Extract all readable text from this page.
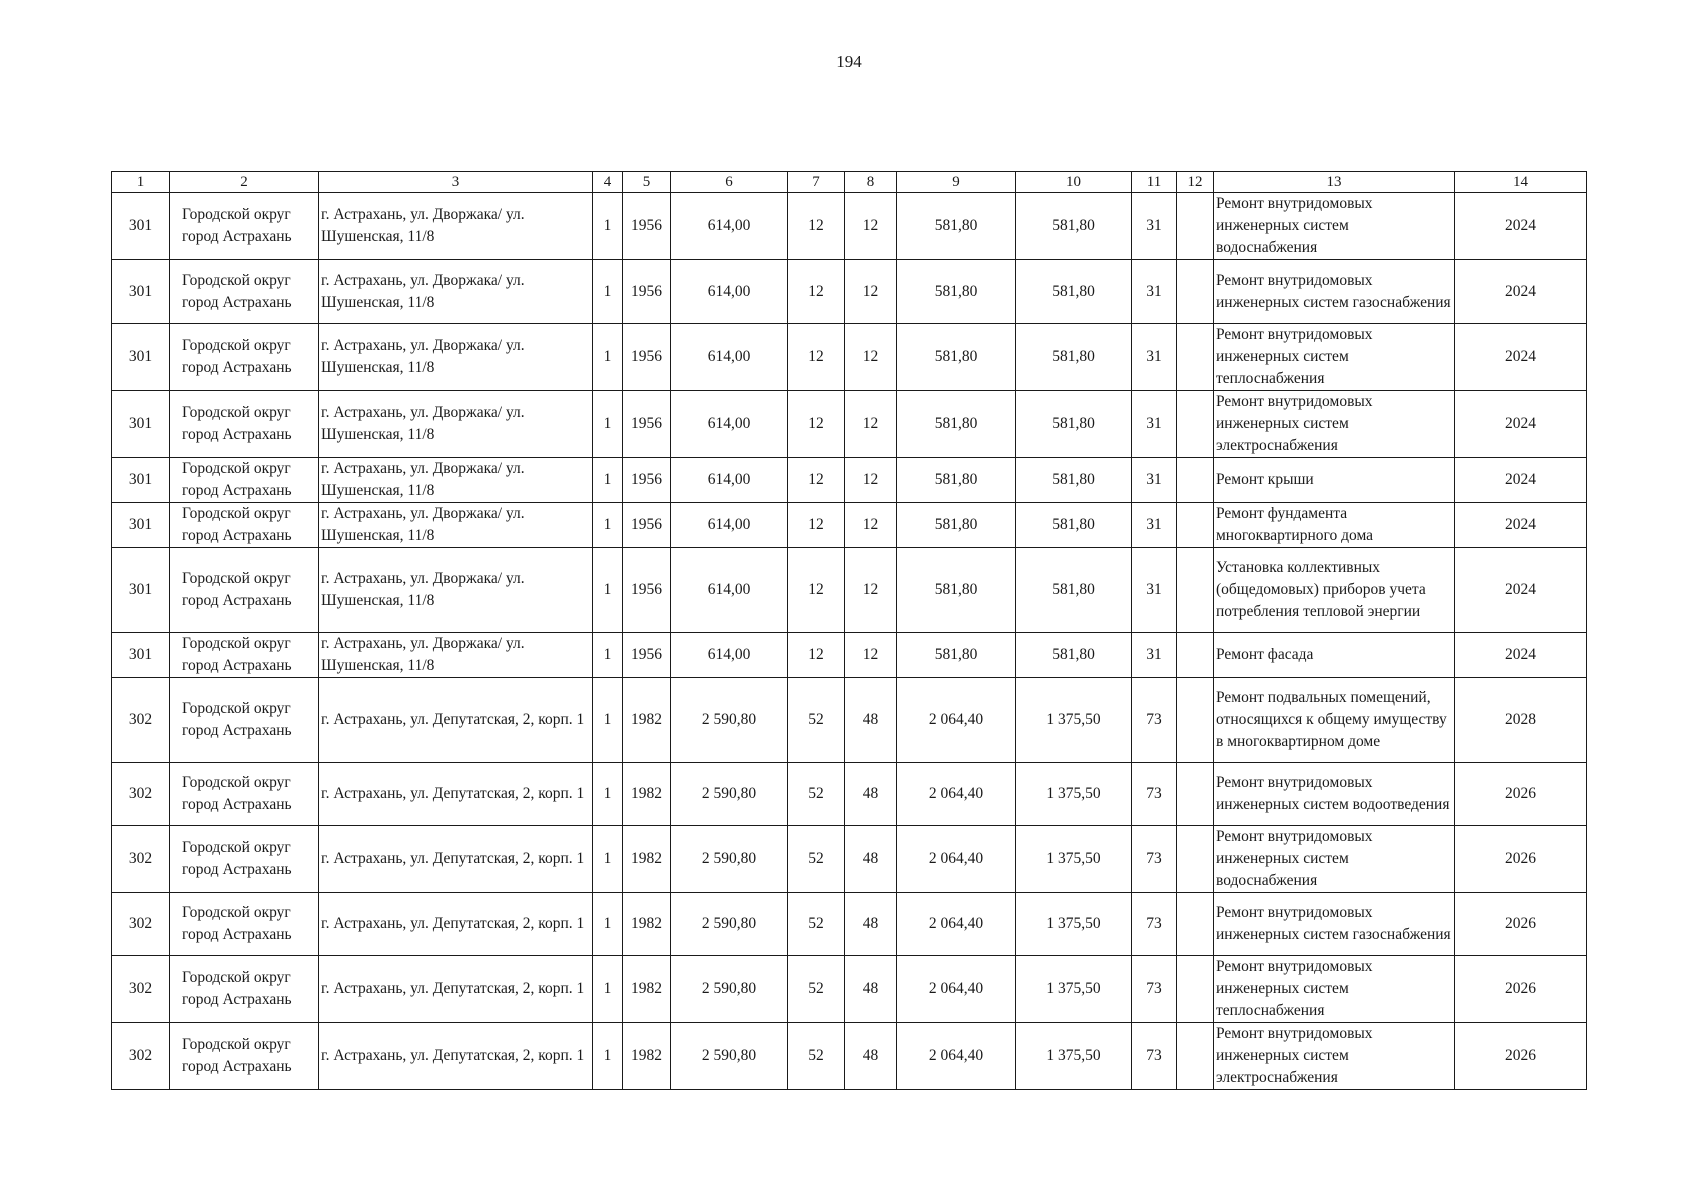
194
1	2	3	4	5	6	7	8	9	10	11	12	13	14
301	Городской округ город Астрахань	г. Астрахань, ул. Дворжака/ ул. Шушенская, 11/8	1	1956	614,00	12	12	581,80	581,80	31		Ремонт внутридомовых инженерных систем водоснабжения	2024
301	Городской округ город Астрахань	г. Астрахань, ул. Дворжака/ ул. Шушенская, 11/8	1	1956	614,00	12	12	581,80	581,80	31		Ремонт внутридомовых инженерных систем газоснабжения	2024
301	Городской округ город Астрахань	г. Астрахань, ул. Дворжака/ ул. Шушенская, 11/8	1	1956	614,00	12	12	581,80	581,80	31		Ремонт внутридомовых инженерных систем теплоснабжения	2024
301	Городской округ город Астрахань	г. Астрахань, ул. Дворжака/ ул. Шушенская, 11/8	1	1956	614,00	12	12	581,80	581,80	31		Ремонт внутридомовых инженерных систем электроснабжения	2024
301	Городской округ город Астрахань	г. Астрахань, ул. Дворжака/ ул. Шушенская, 11/8	1	1956	614,00	12	12	581,80	581,80	31		Ремонт крыши	2024
301	Городской округ город Астрахань	г. Астрахань, ул. Дворжака/ ул. Шушенская, 11/8	1	1956	614,00	12	12	581,80	581,80	31		Ремонт фундамента многоквартирного дома	2024
301	Городской округ город Астрахань	г. Астрахань, ул. Дворжака/ ул. Шушенская, 11/8	1	1956	614,00	12	12	581,80	581,80	31		Установка коллективных (общедомовых) приборов учета потребления тепловой энергии	2024
301	Городской округ город Астрахань	г. Астрахань, ул. Дворжака/ ул. Шушенская, 11/8	1	1956	614,00	12	12	581,80	581,80	31		Ремонт фасада	2024
302	Городской округ город Астрахань	г. Астрахань, ул. Депутатская, 2, корп. 1	1	1982	2 590,80	52	48	2 064,40	1 375,50	73		Ремонт подвальных помещений, относящихся к общему имуществу в многоквартирном доме	2028
302	Городской округ город Астрахань	г. Астрахань, ул. Депутатская, 2, корп. 1	1	1982	2 590,80	52	48	2 064,40	1 375,50	73		Ремонт внутридомовых инженерных систем водоотведения	2026
302	Городской округ город Астрахань	г. Астрахань, ул. Депутатская, 2, корп. 1	1	1982	2 590,80	52	48	2 064,40	1 375,50	73		Ремонт внутридомовых инженерных систем водоснабжения	2026
302	Городской округ город Астрахань	г. Астрахань, ул. Депутатская, 2, корп. 1	1	1982	2 590,80	52	48	2 064,40	1 375,50	73		Ремонт внутридомовых инженерных систем газоснабжения	2026
302	Городской округ город Астрахань	г. Астрахань, ул. Депутатская, 2, корп. 1	1	1982	2 590,80	52	48	2 064,40	1 375,50	73		Ремонт внутридомовых инженерных систем теплоснабжения	2026
302	Городской округ город Астрахань	г. Астрахань, ул. Депутатская, 2, корп. 1	1	1982	2 590,80	52	48	2 064,40	1 375,50	73		Ремонт внутридомовых инженерных систем электроснабжения	2026
